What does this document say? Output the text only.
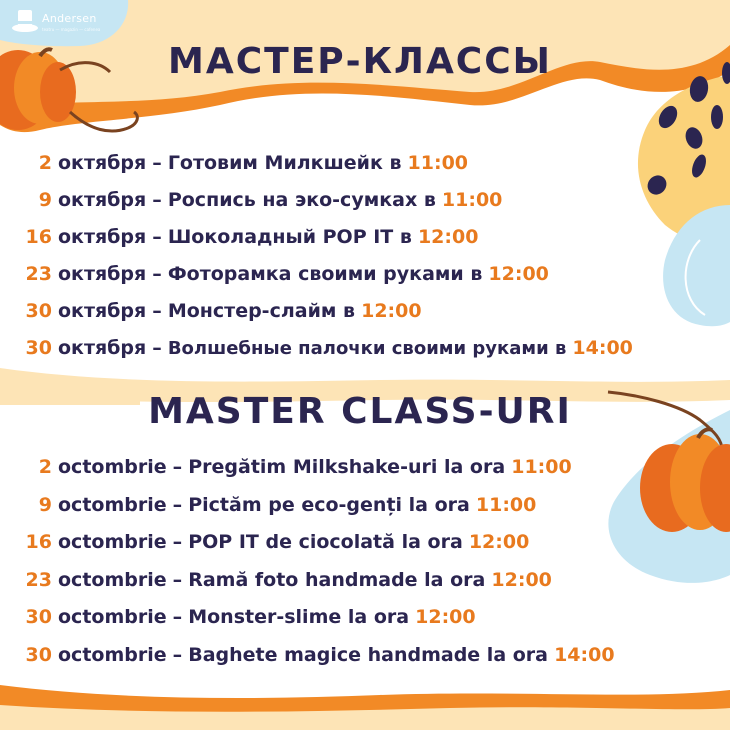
Andersen
teatru — magazin — cafenea
МАСТЕР-КЛАССЫ
2 октября – Готовим Милкшейк в 11:00
9 октября – Роспись на эко-сумках в 11:00
16 октября – Шоколадный POP IT в 12:00
23 октября – Фоторамка своими руками в 12:00
30 октября – Монстер-слайм в 12:00
30 октября – Волшебные палочки своими руками в 14:00
MASTER CLASS-URI
2 octombrie – Pregătim Milkshake-uri la ora 11:00
9 octombrie – Pictăm pe eco-genți la ora 11:00
16 octombrie – POP IT de ciocolată la ora 12:00
23 octombrie – Ramă foto handmade la ora 12:00
30 octombrie – Monster-slime la ora 12:00
30 octombrie – Baghete magice handmade la ora 14:00
